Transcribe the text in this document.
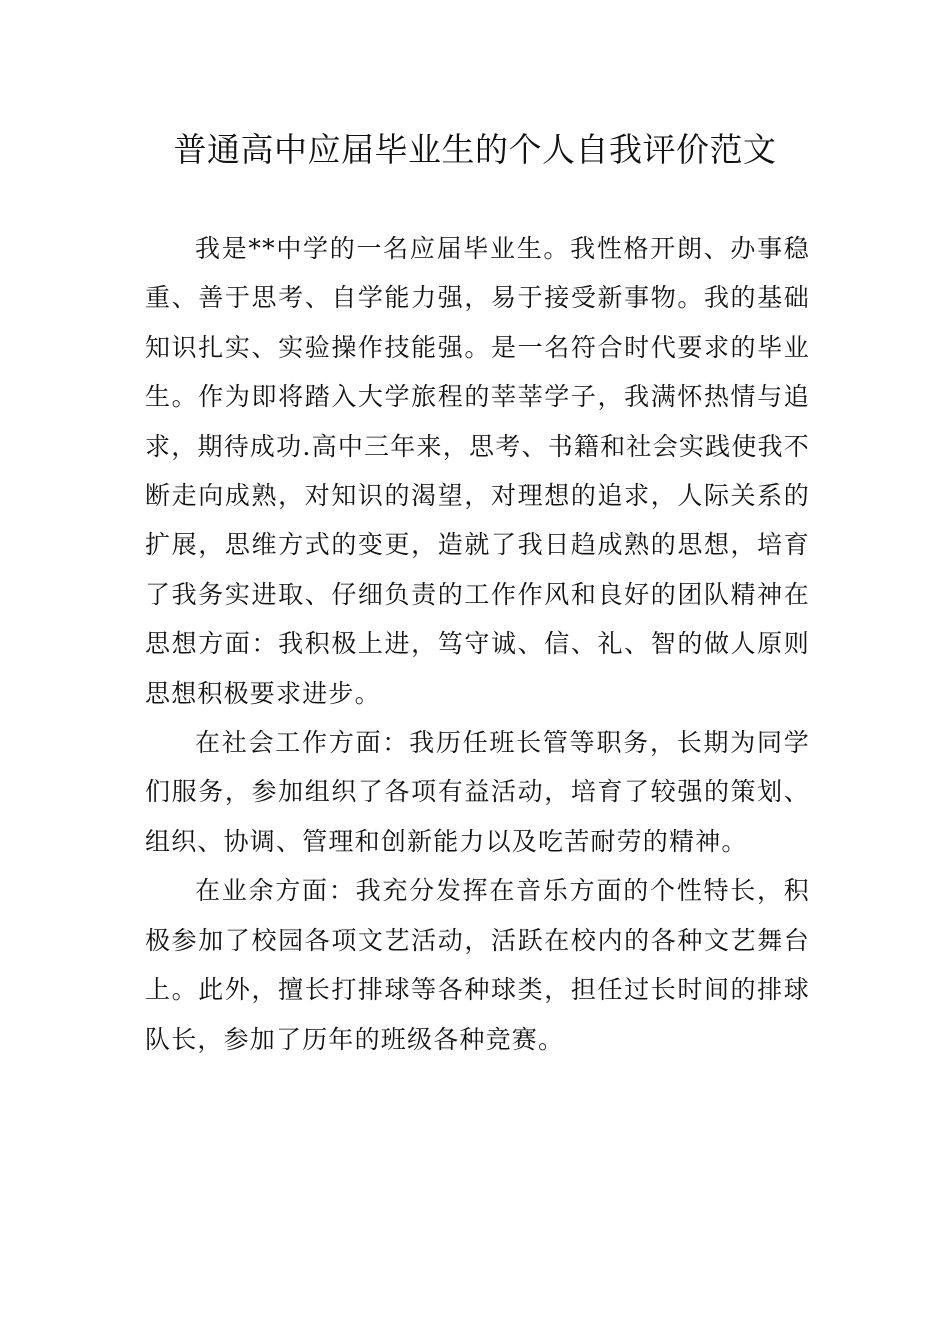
普通高中应届毕业生的个人自我评价范文

我是**中学的一名应届毕业生。我性格开朗、办事稳重、善于思考、自学能力强，易于接受新事物。我的基础知识扎实、实验操作技能强。是一名符合时代要求的毕业生。作为即将踏入大学旅程的莘莘学子，我满怀热情与追求，期待成功.高中三年来，思考、书籍和社会实践使我不断走向成熟，对知识的渴望，对理想的追求，人际关系的扩展，思维方式的变更，造就了我日趋成熟的思想，培育了我务实进取、仔细负责的工作作风和良好的团队精神在思想方面：我积极上进，笃守诚、信、礼、智的做人原则思想积极要求进步。

在社会工作方面：我历任班长管等职务，长期为同学们服务，参加组织了各项有益活动，培育了较强的策划、组织、协调、管理和创新能力以及吃苦耐劳的精神。

在业余方面：我充分发挥在音乐方面的个性特长，积极参加了校园各项文艺活动，活跃在校内的各种文艺舞台上。此外，擅长打排球等各种球类，担任过长时间的排球队长，参加了历年的班级各种竞赛。
